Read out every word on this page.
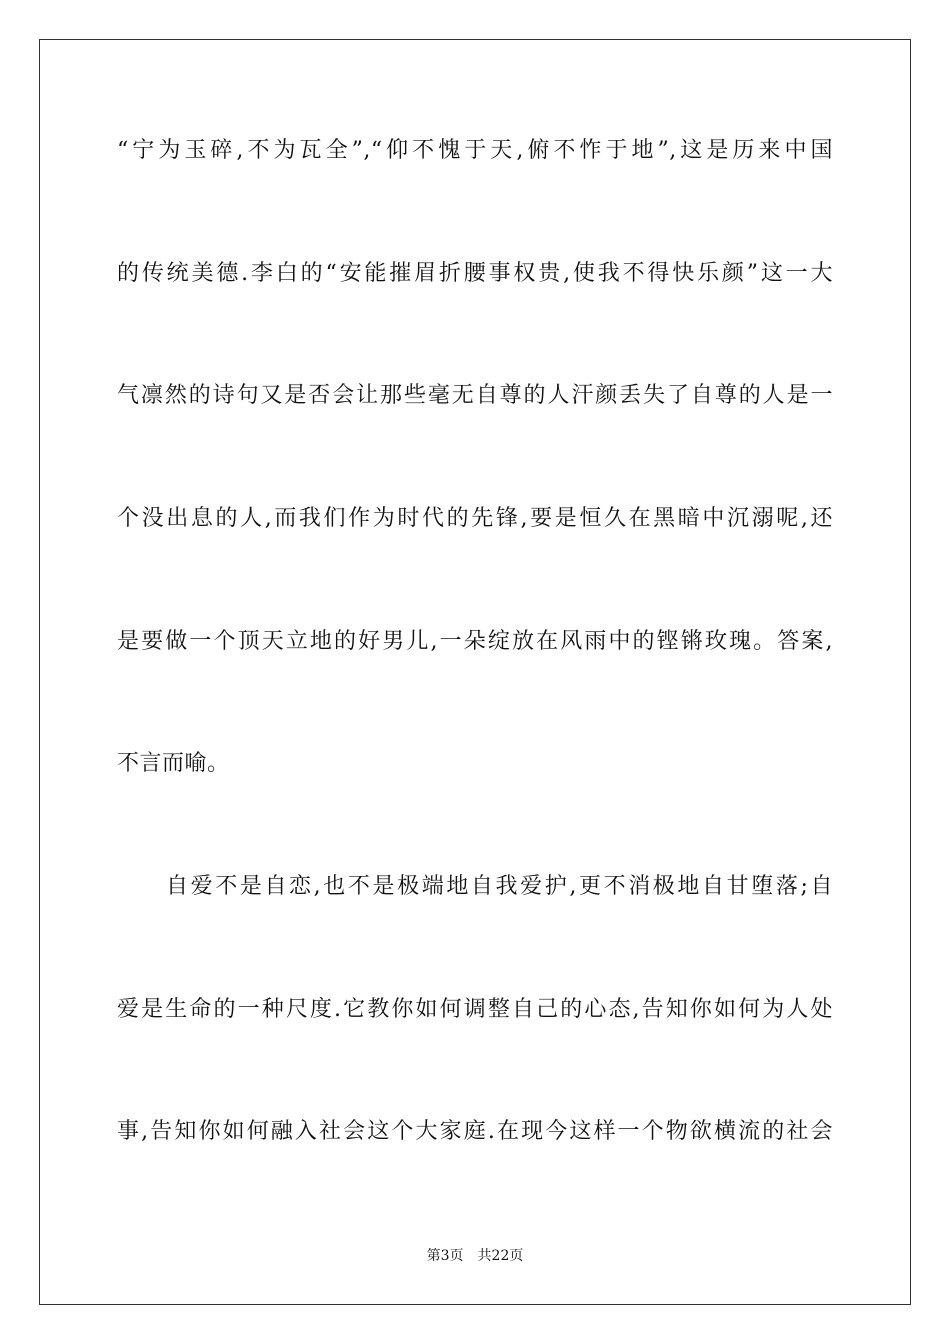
“宁为玉碎,不为瓦全”,“仰不愧于天,俯不怍于地”,这是历来中国
的传统美德.李白的“安能摧眉折腰事权贵,使我不得快乐颜”这一大
气凛然的诗句又是否会让那些毫无自尊的人汗颜丢失了自尊的人是一
个没出息的人,而我们作为时代的先锋,要是恒久在黑暗中沉溺呢,还
是要做一个顶天立地的好男儿,一朵绽放在风雨中的铿锵玫瑰。答案,
不言而喻。
自爱不是自恋,也不是极端地自我爱护,更不消极地自甘堕落;自
爱是生命的一种尺度.它教你如何调整自己的心态,告知你如何为人处
事,告知你如何融入社会这个大家庭.在现今这样一个物欲横流的社会
第3页 共22页
